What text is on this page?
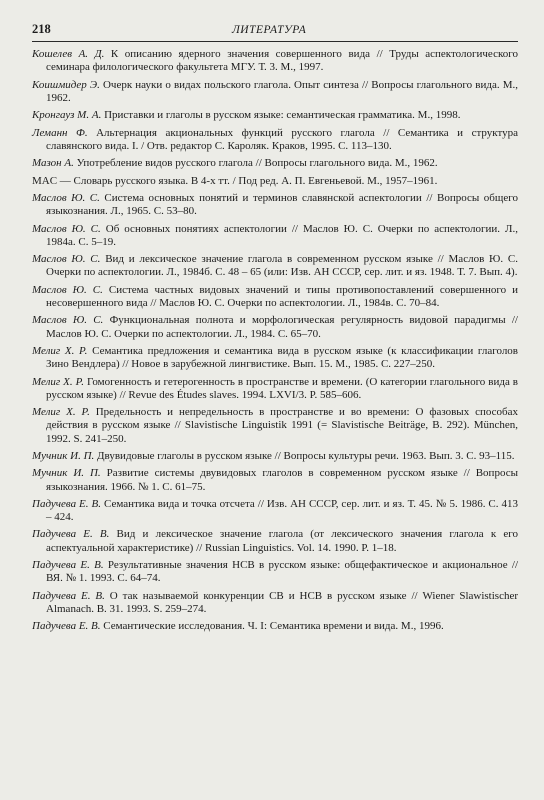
218	ЛИТЕРАТУРА
Кошелев А. Д. К описанию ядерного значения совершенного вида // Труды аспектологического семинара филологического факультета МГУ. Т. 3. М., 1997.
Коишмидер Э. Очерк науки о видах польского глагола. Опыт синтеза // Вопросы глагольного вида. М., 1962.
Кронгауз М. А. Приставки и глаголы в русском языке: семантическая грамматика. М., 1998.
Леманн Ф. Альтернация акциональных функций русского глагола // Семантика и структура славянского вида. I. / Отв. редактор С. Кароляк. Краков, 1995. С. 113–130.
Мазон А. Употребление видов русского глагола // Вопросы глагольного вида. М., 1962.
MAC — Словарь русского языка. В 4-х тт. / Под ред. А. П. Евгеньевой. М., 1957–1961.
Маслов Ю. С. Система основных понятий и терминов славянской аспектологии // Вопросы общего языкознания. Л., 1965. С. 53–80.
Маслов Ю. С. Об основных понятиях аспектологии // Маслов Ю. С. Очерки по аспектологии. Л., 1984а. С. 5–19.
Маслов Ю. С. Вид и лексическое значение глагола в современном русском языке // Маслов Ю. С. Очерки по аспектологии. Л., 1984б. С. 48 – 65 (или: Изв. АН СССР, сер. лит. и яз. 1948. Т. 7. Вып. 4).
Маслов Ю. С. Система частных видовых значений и типы противопоставлений совершенного и несовершенного вида // Маслов Ю. С. Очерки по аспектологии. Л., 1984в. С. 70–84.
Маслов Ю. С. Функциональная полнота и морфологическая регулярность видовой парадигмы // Маслов Ю. С. Очерки по аспектологии. Л., 1984. С. 65–70.
Мелиг Х. Р. Семантика предложения и семантика вида в русском языке (к классификации глаголов Зино Вендлера) // Новое в зарубежной лингвистике. Вып. 15. М., 1985. С. 227–250.
Мелиг Х. Р. Гомогенность и гетерогенность в пространстве и времени. (О категории глагольного вида в русском языке) // Revue des Études slaves. 1994. LXVI/3. P. 585–606.
Мелиг Х. Р. Предельность и непредельность в пространстве и во времени: О фазовых способах действия в русском языке // Slavistische Linguistik 1991 (= Slavistische Beiträge, B. 292). München, 1992. S. 241–250.
Мучник И. П. Двувидовые глаголы в русском языке // Вопросы культуры речи. 1963. Вып. 3. С. 93–115.
Мучник И. П. Развитие системы двувидовых глаголов в современном русском языке // Вопросы языкознания. 1966. № 1. С. 61–75.
Падучева Е. В. Семантика вида и точка отсчета // Изв. АН СССР, сер. лит. и яз. Т. 45. № 5. 1986. С. 413 – 424.
Падучева Е. В. Вид и лексическое значение глагола (от лексического значения глагола к его аспектуальной характеристике) // Russian Linguistics. Vol. 14. 1990. P. 1–18.
Падучева Е. В. Результативные значения НСВ в русском языке: общефактическое и акциональное // ВЯ. № 1. 1993. С. 64–74.
Падучева Е. В. О так называемой конкуренции СВ и НСВ в русском языке // Wiener Slawistischer Almanach. B. 31. 1993. S. 259–274.
Падучева Е. В. Семантические исследования. Ч. I: Семантика времени и вида. М., 1996.
